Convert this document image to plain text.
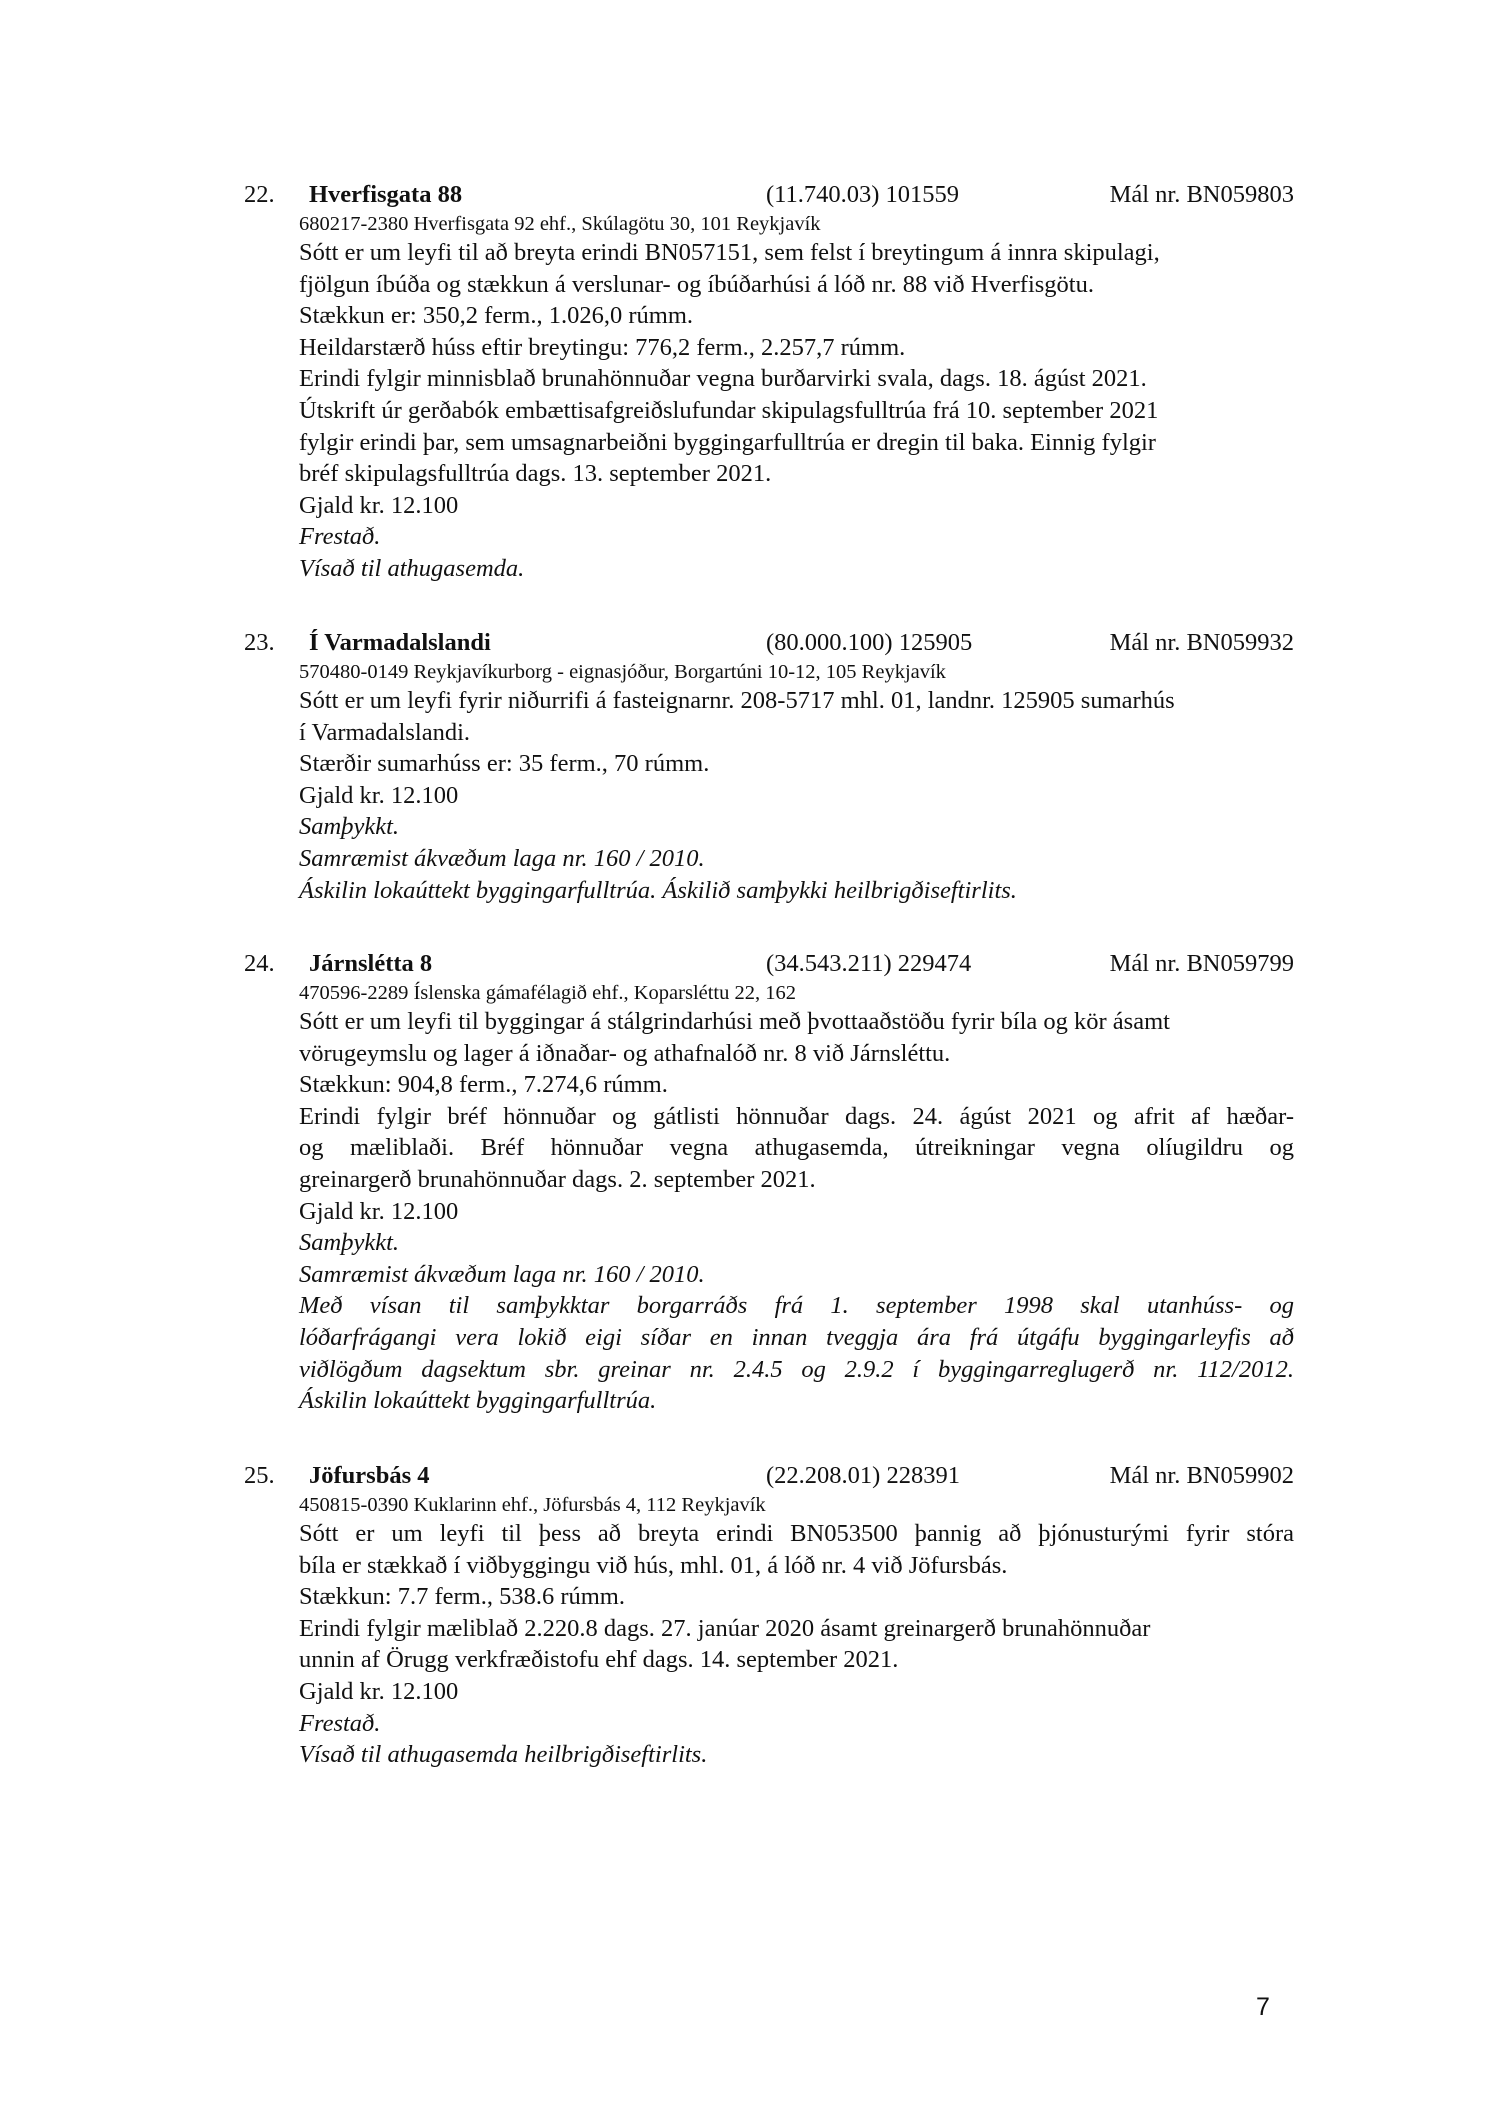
22. Hverfisgata 88	(11.740.03) 101559	Mál nr. BN059803
680217-2380 Hverfisgata 92 ehf., Skúlagötu 30, 101 Reykjavík
Sótt er um leyfi til að breyta erindi BN057151, sem felst í breytingum á innra skipulagi,
fjölgun íbúða og stækkun á verslunar- og íbúðarhúsi á lóð nr. 88 við Hverfisgötu.
Stækkun er: 350,2 ferm., 1.026,0 rúmm.
Heildarstærð húss eftir breytingu: 776,2 ferm., 2.257,7 rúmm.
Erindi fylgir minnisblað brunahönnuðar vegna burðarvirki svala, dags. 18. ágúst 2021.
Útskrift úr gerðabók embættisafgreiðslufundar skipulagsfulltrúa frá 10. september 2021
fylgir erindi þar, sem umsagnarbeiðni byggingarfulltrúa er dregin til baka. Einnig fylgir
bréf skipulagsfulltrúa dags. 13. september 2021.
Gjald kr. 12.100
Frestað.
Vísað til athugasemda.
23. Í Varmadalslandi	(80.000.100) 125905	Mál nr. BN059932
570480-0149 Reykjavíkurborg - eignasjóður, Borgartúni 10-12, 105 Reykjavík
Sótt er um leyfi fyrir niðurrifi á fasteignarnr. 208-5717 mhl. 01, landnr. 125905 sumarhús
í Varmadalslandi.
Stærðir sumarhúss er: 35 ferm., 70 rúmm.
Gjald kr. 12.100
Samþykkt.
Samræmist ákvæðum laga nr. 160 / 2010.
Áskilin lokaúttekt byggingarfulltrúa. Áskilið samþykki heilbrigðiseftirlits.
24. Járnslétta 8	(34.543.211) 229474	Mál nr. BN059799
470596-2289 Íslenska gámafélagið ehf., Koparsléttu 22, 162
Sótt er um leyfi til byggingar á stálgrindarhúsi með þvottaaðstöðu fyrir bíla og kör ásamt
vörugeymslu og lager á iðnaðar- og athafnalóð nr. 8 við Járnsléttu.
Stækkun: 904,8 ferm., 7.274,6 rúmm.
Erindi fylgir bréf hönnuðar og gátlisti hönnuðar dags. 24. ágúst 2021 og afrit af hæðar-
og mæliblaði. Bréf hönnuðar vegna athugasemda, útreikningar vegna olíugildru og
greinargerð brunahönnuðar dags. 2. september 2021.
Gjald kr. 12.100
Samþykkt.
Samræmist ákvæðum laga nr. 160 / 2010.
Með vísan til samþykktar borgarráðs frá 1. september 1998 skal utanhúss- og
lóðarfrágangi vera lokið eigi síðar en innan tveggja ára frá útgáfu byggingarleyfis að
viðlögðum dagsektum sbr. greinar nr. 2.4.5 og 2.9.2 í byggingarreglugerð nr. 112/2012.
Áskilin lokaúttekt byggingarfulltrúa.
25. Jöfursbás 4	(22.208.01) 228391	Mál nr. BN059902
450815-0390 Kuklarinn ehf., Jöfursbás 4, 112 Reykjavík
Sótt er um leyfi til þess að breyta erindi BN053500 þannig að þjónusturými fyrir stóra
bíla er stækkað í viðbyggingu við hús, mhl. 01, á lóð nr. 4 við Jöfursbás.
Stækkun: 7.7 ferm., 538.6 rúmm.
Erindi fylgir mæliblað 2.220.8 dags. 27. janúar 2020 ásamt greinargerð brunahönnuðar
unnin af Örugg verkfræðistofu ehf dags. 14. september 2021.
Gjald kr. 12.100
Frestað.
Vísað til athugasemda heilbrigðiseftirlits.
7
